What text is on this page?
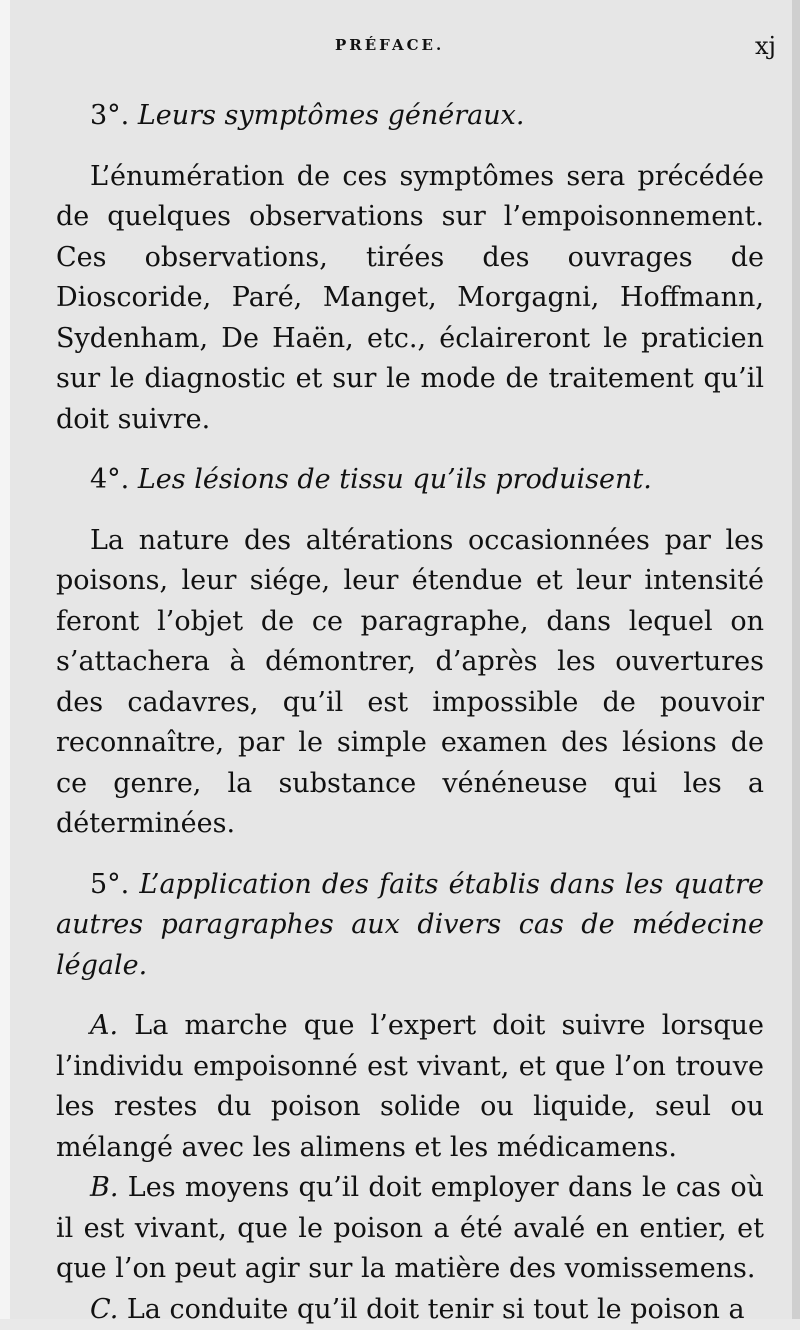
PRÉFACE.	xj

3°. Leurs symptômes généraux.

L’énumération de ces symptômes sera précédée de quelques observations sur l’empoisonnement. Ces observations, tirées des ouvrages de Dioscoride, Paré, Manget, Morgagni, Hoffmann, Sydenham, De Haën, etc., éclaireront le praticien sur le diagnostic et sur le mode de traitement qu’il doit suivre.

4°. Les lésions de tissu qu’ils produisent.

La nature des altérations occasionnées par les poisons, leur siége, leur étendue et leur intensité feront l’objet de ce paragraphe, dans lequel on s’attachera à démontrer, d’après les ouvertures des cadavres, qu’il est impossible de pouvoir reconnaître, par le simple examen des lésions de ce genre, la substance vénéneuse qui les a déterminées.

5°. L’application des faits établis dans les quatre autres paragraphes aux divers cas de médecine légale.

A. La marche que l’expert doit suivre lorsque l’individu empoisonné est vivant, et que l’on trouve les restes du poison solide ou liquide, seul ou mélangé avec les alimens et les médicamens.

B. Les moyens qu’il doit employer dans le cas où il est vivant, que le poison a été avalé en entier, et que l’on peut agir sur la matière des vomissemens.

C. La conduite qu’il doit tenir si tout le poison a
